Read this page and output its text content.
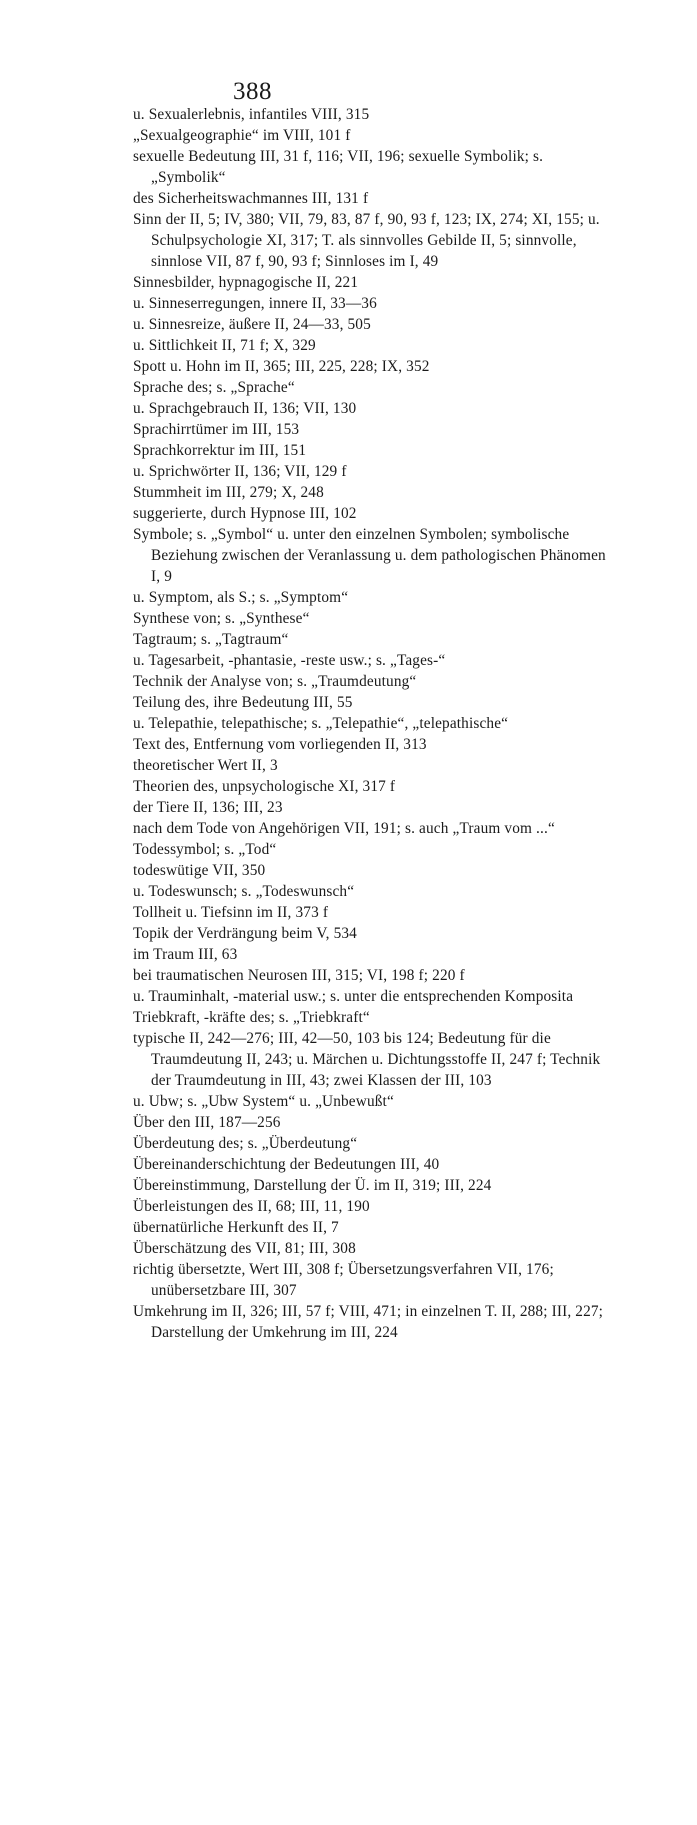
388
u. Sexualerlebnis, infantiles VIII, 315
„Sexualgeographie“ im VIII, 101 f
sexuelle Bedeutung III, 31 f, 116; VII, 196; sexuelle Symbolik; s. „Symbolik“
des Sicherheitswachmannes III, 131 f
Sinn der II, 5; IV, 380; VII, 79, 83, 87 f, 90, 93 f, 123; IX, 274; XI, 155; u. Schulpsychologie XI, 317; T. als sinnvolles Gebilde II, 5; sinnvolle, sinnlose VII, 87 f, 90, 93 f; Sinnloses im I, 49
Sinnesbilder, hypnagogische II, 221
u. Sinneserregungen, innere II, 33—36
u. Sinnesreize, äußere II, 24—33, 505
u. Sittlichkeit II, 71 f; X, 329
Spott u. Hohn im II, 365; III, 225, 228; IX, 352
Sprache des; s. „Sprache“
u. Sprachgebrauch II, 136; VII, 130
Sprachirrtümer im III, 153
Sprachkorrektur im III, 151
u. Sprichwörter II, 136; VII, 129 f
Stummheit im III, 279; X, 248
suggerierte, durch Hypnose III, 102
Symbole; s. „Symbol“ u. unter den einzelnen Symbolen; symbolische Beziehung zwischen der Veranlassung u. dem pathologischen Phänomen I, 9
u. Symptom, als S.; s. „Symptom“
Synthese von; s. „Synthese“
Tagtraum; s. „Tagtraum“
u. Tagesarbeit, -phantasie, -reste usw.; s. „Tages-“
Technik der Analyse von; s. „Traumdeutung“
Teilung des, ihre Bedeutung III, 55
u. Telepathie, telepathische; s. „Telepathie“, „telepathische“
Text des, Entfernung vom vorliegenden II, 313
theoretischer Wert II, 3
Theorien des, unpsychologische XI, 317 f
der Tiere II, 136; III, 23
nach dem Tode von Angehörigen VII, 191; s. auch „Traum vom ...“
Todessymbol; s. „Tod“
todeswütige VII, 350
u. Todeswunsch; s. „Todeswunsch“
Tollheit u. Tiefsinn im II, 373 f
Topik der Verdrängung beim V, 534
im Traum III, 63
bei traumatischen Neurosen III, 315; VI, 198 f; 220 f
u. Trauminhalt, -material usw.; s. unter die entsprechenden Komposita
Triebkraft, -kräfte des; s. „Triebkraft“
typische II, 242—276; III, 42—50, 103 bis 124; Bedeutung für die Traumdeutung II, 243; u. Märchen u. Dichtungsstoffe II, 247 f; Technik der Traumdeutung in III, 43; zwei Klassen der III, 103
u. Ubw; s. „Ubw System“ u. „Unbewußt“
Über den III, 187—256
Überdeutung des; s. „Überdeutung“
Übereinanderschichtung der Bedeutungen III, 40
Übereinstimmung, Darstellung der Ü. im II, 319; III, 224
Überleistungen des II, 68; III, 11, 190
übernatürliche Herkunft des II, 7
Überschätzung des VII, 81; III, 308
richtig übersetzte, Wert III, 308 f; Übersetzungsverfahren VII, 176; unübersetzbare III, 307
Umkehrung im II, 326; III, 57 f; VIII, 471; in einzelnen T. II, 288; III, 227; Darstellung der Umkehrung im III, 224
